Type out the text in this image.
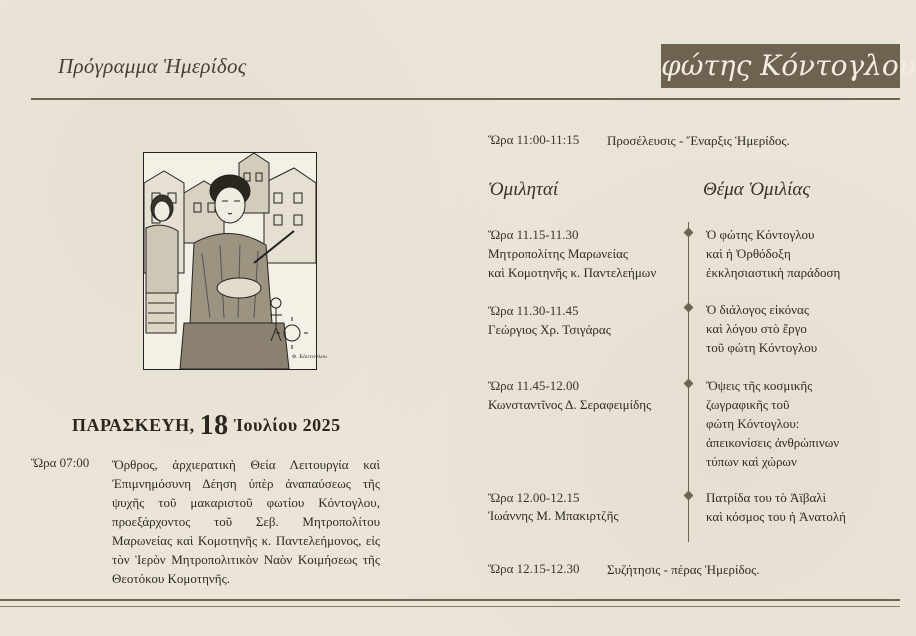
Πρόγραμμα Ἡμερίδος	φώτης Κόντογλου
Φ. Κόντογλου
ΠΑΡΑΣΚΕΥΗ, 18 Ἰουλίου 2025
Ὥρα 07:00 Ὄρθρος, ἀρχιερατικὴ Θεία Λειτουργία καὶ Ἐπιμνημόσυνη Δέηση ὑπὲρ ἀναπαύσεως τῆς ψυχῆς τοῦ μακαριστοῦ φωτίου Κόντογλου, προεξάρχοντος τοῦ Σεβ. Μητροπολίτου Μαρωνείας καὶ Κομοτηνῆς κ. Παντελεήμονος, εἰς τὸν Ἱερὸν Μητροπολιτικὸν Ναὸν Κοιμήσεως τῆς Θεοτόκου Κομοτηνῆς.
Ὥρα 11:00-11:15 Προσέλευσις - Ἔναρξις Ἡμερίδος.
Ὁμιληταί	Θέμα Ὁμιλίας
Ὥρα 11.15-11.30
Μητροπολίτης Μαρωνείας
καὶ Κομοτηνῆς κ. Παντελεήμων
Ὁ φώτης Κόντογλου
καὶ ἡ Ὀρθόδοξη
ἐκκλησιαστικὴ παράδοση
Ὥρα 11.30-11.45
Γεώργιος Χρ. Τσιγάρας
Ὁ διάλογος εἰκόνας
καὶ λόγου στὸ ἔργο
τοῦ φώτη Κόντογλου
Ὥρα 11.45-12.00
Κωνσταντῖνος Δ. Σεραφειμίδης
Ὄψεις τῆς κοσμικῆς
ζωγραφικῆς τοῦ
φώτη Κόντογλου:
ἀπεικονίσεις ἀνθρώπινων
τύπων καὶ χώρων
Ὥρα 12.00-12.15
Ἰωάννης Μ. Μπακιρτζῆς
Πατρίδα του τὸ Ἀϊβαλὶ
καὶ κόσμος του ἡ Ἀνατολή
Ὥρα 12.15-12.30 Συζήτησις - πέρας Ἡμερίδος.
